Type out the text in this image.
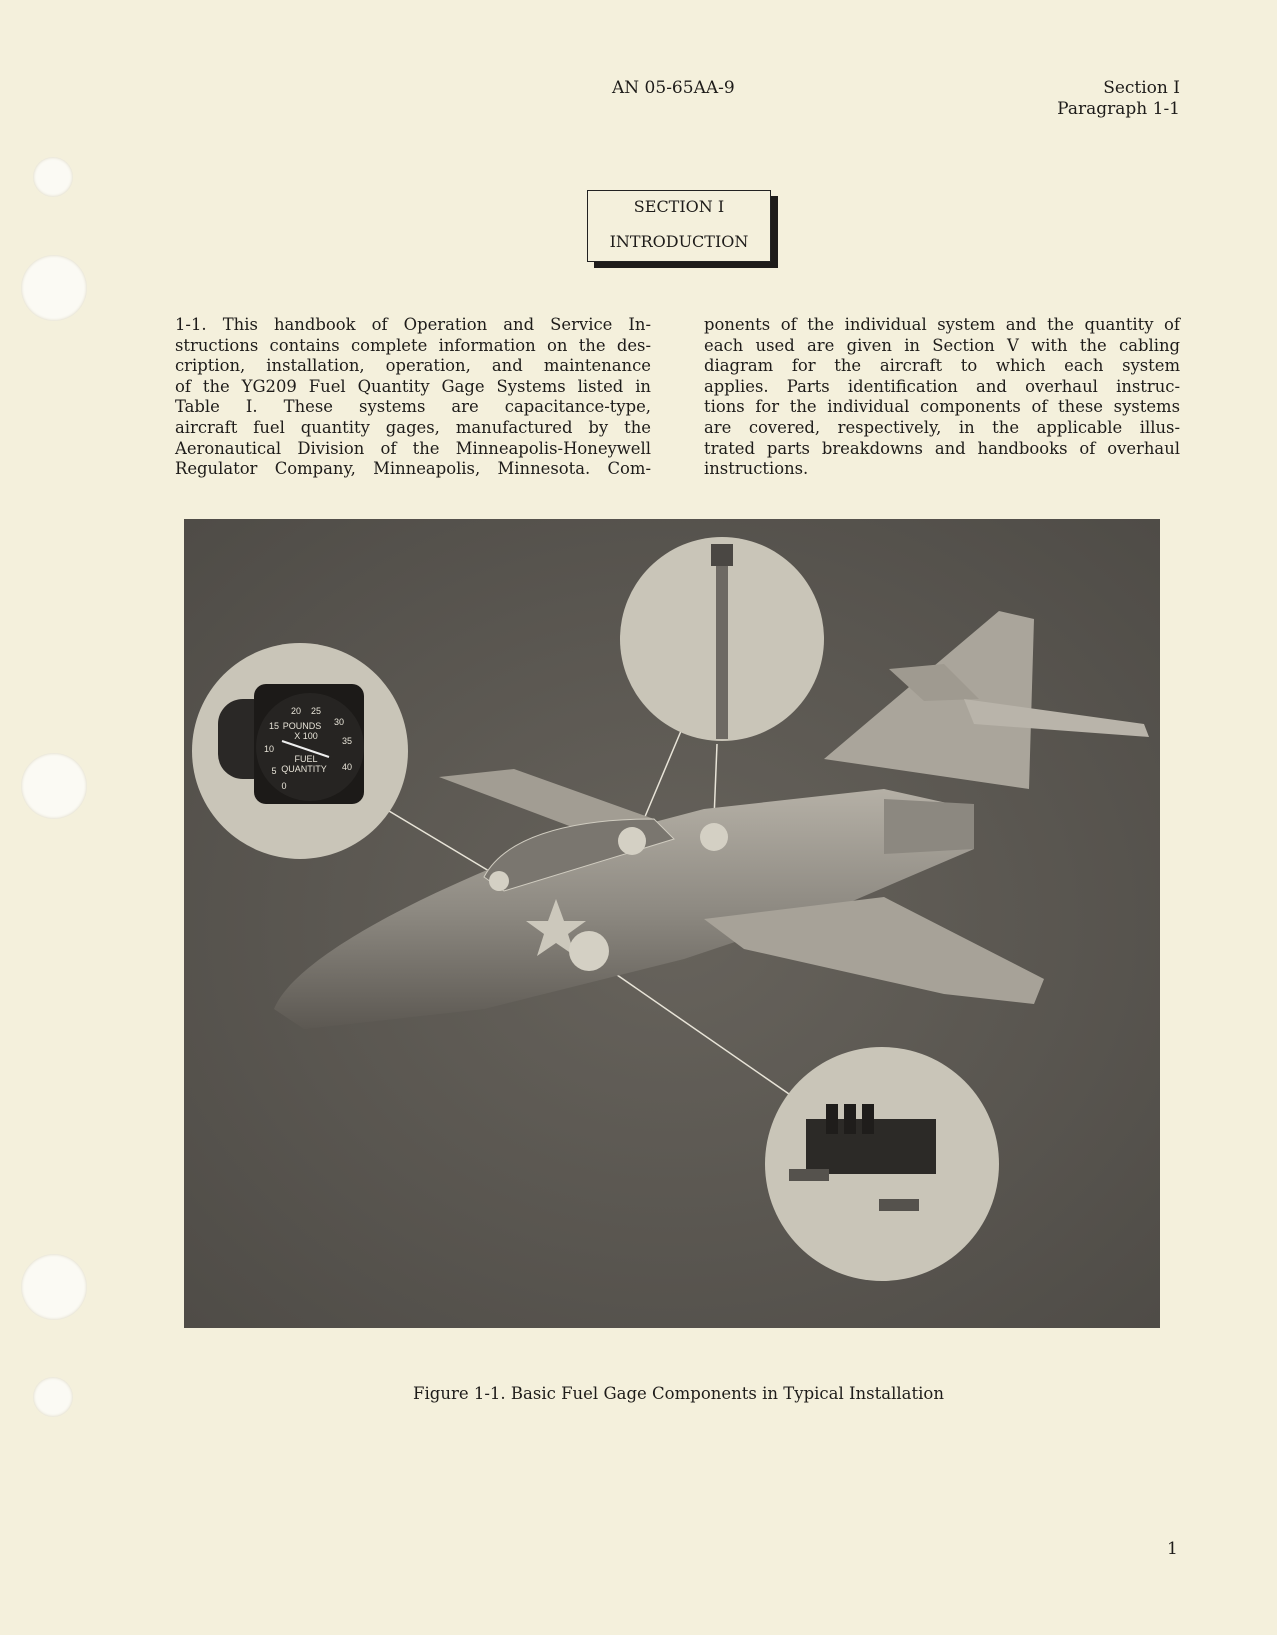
AN 05-65AA-9	Section I
Paragraph 1-1
SECTION I
INTRODUCTION
1-1. This handbook of Operation and Service In-
structions contains complete information on the des-
cription, installation, operation, and maintenance
of the YG209 Fuel Quantity Gage Systems listed in
Table I. These systems are capacitance-type,
aircraft fuel quantity gages, manufactured by the
Aeronautical Division of the Minneapolis-Honeywell
Regulator Company, Minneapolis, Minnesota. Com-
ponents of the individual system and the quantity of
each used are given in Section V with the cabling
diagram for the aircraft to which each system
applies. Parts identification and overhaul instruc-
tions for the individual components of these systems
are covered, respectively, in the applicable illus-
trated parts breakdowns and handbooks of overhaul
instructions.
POUNDS
X 100
FUEL
QUANTITY
0
5
10
15
20 25
30
35
40
Figure 1-1. Basic Fuel Gage Components in Typical Installation
1
